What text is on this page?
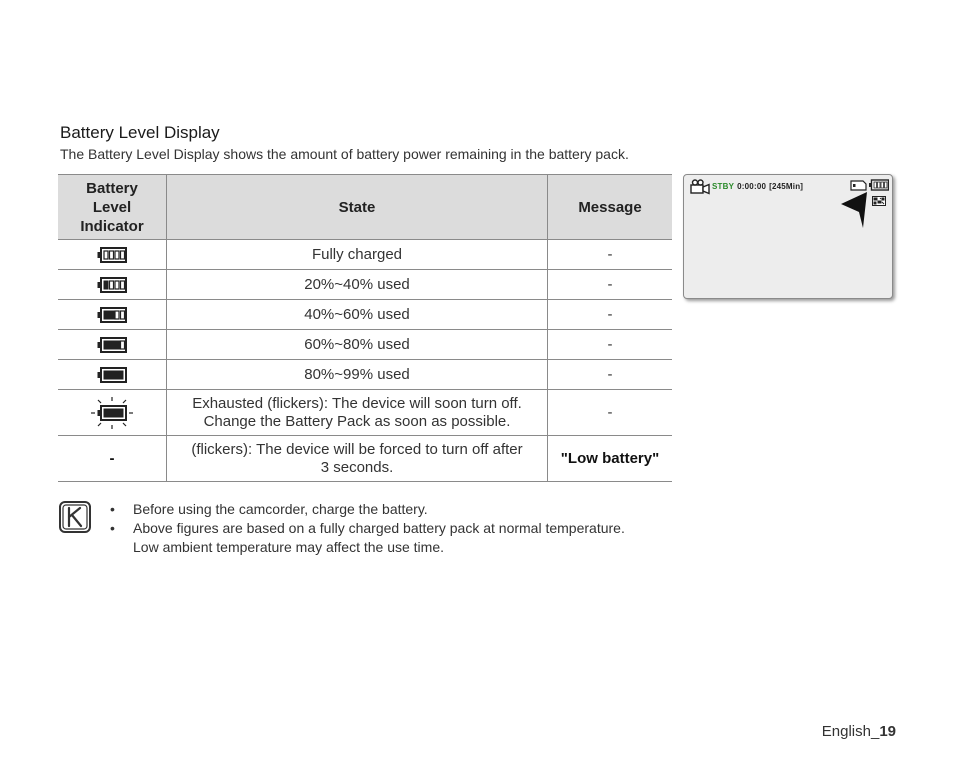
Battery Level Display

The Battery Level Display shows the amount of battery power remaining in the battery pack.

Battery Level Indicator	State	Message
	Fully charged	-
	20%~40% used	-
	40%~60% used	-
	60%~80% used	-
	80%~99% used	-
	Exhausted (flickers): The device will soon turn off.
Change the Battery Pack as soon as possible.	-
-	(flickers): The device will be forced to turn off after
3 seconds.	"Low battery"
STBY 0:00:00 [245Min]
• Before using the camcorder, charge the battery.
• Above figures are based on a fully charged battery pack at normal temperature.
Low ambient temperature may affect the use time.
English_19
